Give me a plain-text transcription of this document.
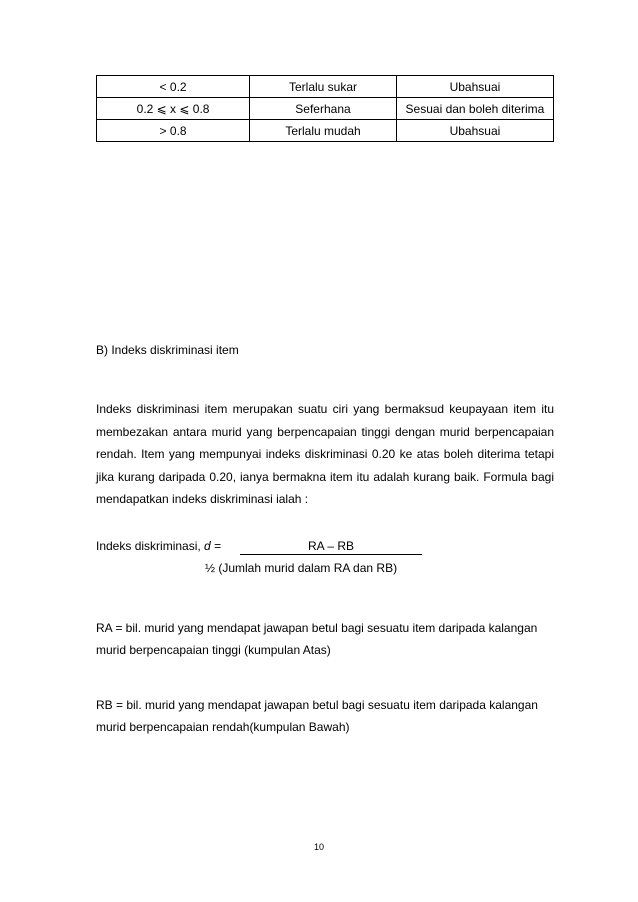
< 0.2	Terlalu sukar	Ubahsuai
0.2 ⩽ x ⩽ 0.8	Seferhana	Sesuai dan boleh diterima
> 0.8	Terlalu mudah	Ubahsuai
B) Indeks diskriminasi item
Indeks diskriminasi item merupakan suatu ciri yang bermaksud keupayaan item itu membezakan antara murid yang berpencapaian tinggi dengan murid berpencapaian rendah. Item yang mempunyai indeks diskriminasi 0.20 ke atas boleh diterima tetapi jika kurang daripada 0.20, ianya bermakna item itu adalah kurang baik. Formula bagi mendapatkan indeks diskriminasi ialah :
Indeks diskriminasi, d =	RA – RB
½ (Jumlah murid dalam RA dan RB)
RA = bil. murid yang mendapat jawapan betul bagi sesuatu item daripada kalangan murid berpencapaian tinggi (kumpulan Atas)
RB = bil. murid yang mendapat jawapan betul bagi sesuatu item daripada kalangan murid berpencapaian rendah(kumpulan Bawah)
10
